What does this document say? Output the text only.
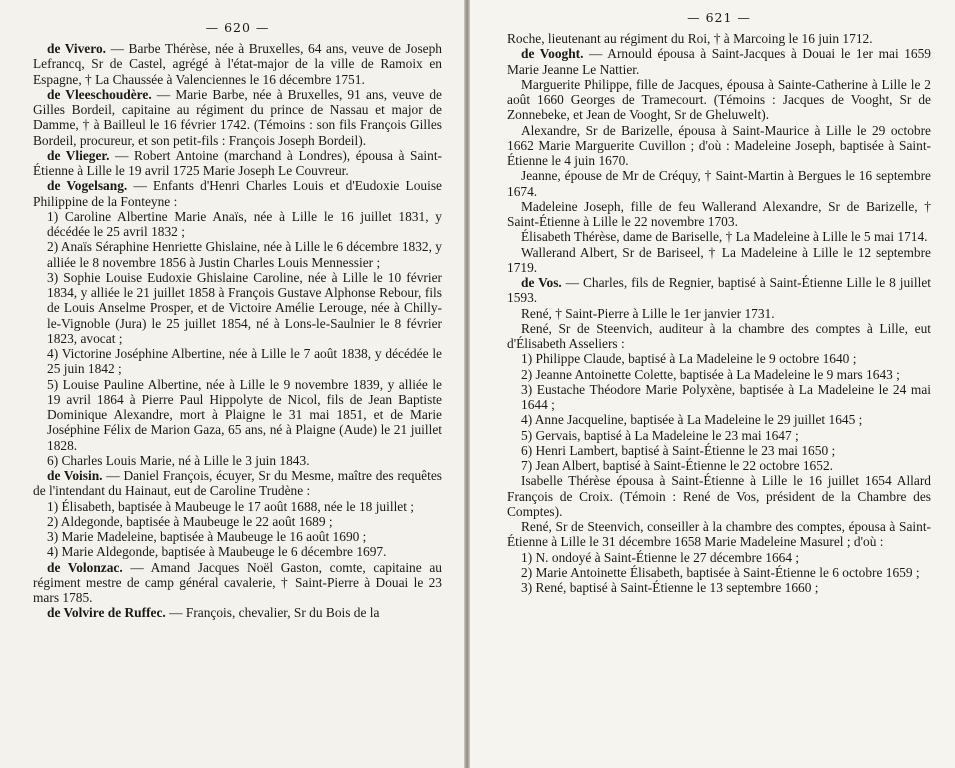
— 620 —

de Vivero. — Barbe Thérèse, née à Bruxelles, 64 ans, veuve de Joseph Lefrancq, Sr de Castel, agrégé à l'état-major de la ville de Ramoix en Espagne, † La Chaussée à Valenciennes le 16 décembre 1751.

de Vleeschoudère. — Marie Barbe, née à Bruxelles, 91 ans, veuve de Gilles Bordeil, capitaine au régiment du prince de Nassau et major de Damme, † à Bailleul le 16 février 1742. (Témoins : son fils François Gilles Bordeil, procureur, et son petit-fils : François Joseph Bordeil).

de Vlieger. — Robert Antoine (marchand à Londres), épousa à Saint-Étienne à Lille le 19 avril 1725 Marie Joseph Le Couvreur.

de Vogelsang. — Enfants d'Henri Charles Louis et d'Eudoxie Louise Philippine de la Fonteyne :

1) Caroline Albertine Marie Anaïs, née à Lille le 16 juillet 1831, y décédée le 25 avril 1832 ;

2) Anaïs Séraphine Henriette Ghislaine, née à Lille le 6 décembre 1832, y alliée le 8 novembre 1856 à Justin Charles Louis Mennessier ;

3) Sophie Louise Eudoxie Ghislaine Caroline, née à Lille le 10 février 1834, y alliée le 21 juillet 1858 à François Gustave Alphonse Rebour, fils de Louis Anselme Prosper, et de Victoire Amélie Lerouge, née à Chilly-le-Vignoble (Jura) le 25 juillet 1854, né à Lons-le-Saulnier le 8 février 1823, avocat ;

4) Victorine Joséphine Albertine, née à Lille le 7 août 1838, y décédée le 25 juin 1842 ;

5) Louise Pauline Albertine, née à Lille le 9 novembre 1839, y alliée le 19 avril 1864 à Pierre Paul Hippolyte de Nicol, fils de Jean Baptiste Dominique Alexandre, mort à Plaigne le 31 mai 1851, et de Marie Joséphine Félix de Marion Gaza, 65 ans, né à Plaigne (Aude) le 21 juillet 1828.

6) Charles Louis Marie, né à Lille le 3 juin 1843.

de Voisin. — Daniel François, écuyer, Sr du Mesme, maître des requêtes de l'intendant du Hainaut, eut de Caroline Trudène :

1) Élisabeth, baptisée à Maubeuge le 17 août 1688, née le 18 juillet ;

2) Aldegonde, baptisée à Maubeuge le 22 août 1689 ;

3) Marie Madeleine, baptisée à Maubeuge le 16 août 1690 ;

4) Marie Aldegonde, baptisée à Maubeuge le 6 décembre 1697.

de Volonzac. — Amand Jacques Noël Gaston, comte, capitaine au régiment mestre de camp général cavalerie, † Saint-Pierre à Douai le 23 mars 1785.

de Volvire de Ruffec. — François, chevalier, Sr du Bois de la

— 621 —

Roche, lieutenant au régiment du Roi, † à Marcoing le 16 juin 1712.

de Vooght. — Arnould épousa à Saint-Jacques à Douai le 1er mai 1659 Marie Jeanne Le Nattier.

Marguerite Philippe, fille de Jacques, épousa à Sainte-Catherine à Lille le 2 août 1660 Georges de Tramecourt. (Témoins : Jacques de Vooght, Sr de Zonnebeke, et Jean de Vooght, Sr de Gheluwelt).

Alexandre, Sr de Barizelle, épousa à Saint-Maurice à Lille le 29 octobre 1662 Marie Marguerite Cuvillon ; d'où : Madeleine Joseph, baptisée à Saint-Étienne le 4 juin 1670.

Jeanne, épouse de Mr de Créquy, † Saint-Martin à Bergues le 16 septembre 1674.

Madeleine Joseph, fille de feu Wallerand Alexandre, Sr de Barizelle, † Saint-Étienne à Lille le 22 novembre 1703.

Élisabeth Thérèse, dame de Bariselle, † La Madeleine à Lille le 5 mai 1714.

Wallerand Albert, Sr de Bariseel, † La Madeleine à Lille le 12 septembre 1719.

de Vos. — Charles, fils de Regnier, baptisé à Saint-Étienne Lille le 8 juillet 1593.

René, † Saint-Pierre à Lille le 1er janvier 1731.

René, Sr de Steenvich, auditeur à la chambre des comptes à Lille, eut d'Élisabeth Asseliers :

1) Philippe Claude, baptisé à La Madeleine le 9 octobre 1640 ;

2) Jeanne Antoinette Colette, baptisée à La Madeleine le 9 mars 1643 ;

3) Eustache Théodore Marie Polyxène, baptisée à La Madeleine le 24 mai 1644 ;

4) Anne Jacqueline, baptisée à La Madeleine le 29 juillet 1645 ;

5) Gervais, baptisé à La Madeleine le 23 mai 1647 ;

6) Henri Lambert, baptisé à Saint-Étienne le 23 mai 1650 ;

7) Jean Albert, baptisé à Saint-Étienne le 22 octobre 1652.

Isabelle Thérèse épousa à Saint-Étienne à Lille le 16 juillet 1654 Allard François de Croix. (Témoin : René de Vos, président de la Chambre des Comptes).

René, Sr de Steenvich, conseiller à la chambre des comptes, épousa à Saint-Étienne à Lille le 31 décembre 1658 Marie Madeleine Masurel ; d'où :

1) N. ondoyé à Saint-Étienne le 27 décembre 1664 ;

2) Marie Antoinette Élisabeth, baptisée à Saint-Étienne le 6 octobre 1659 ;

3) René, baptisé à Saint-Étienne le 13 septembre 1660 ;
